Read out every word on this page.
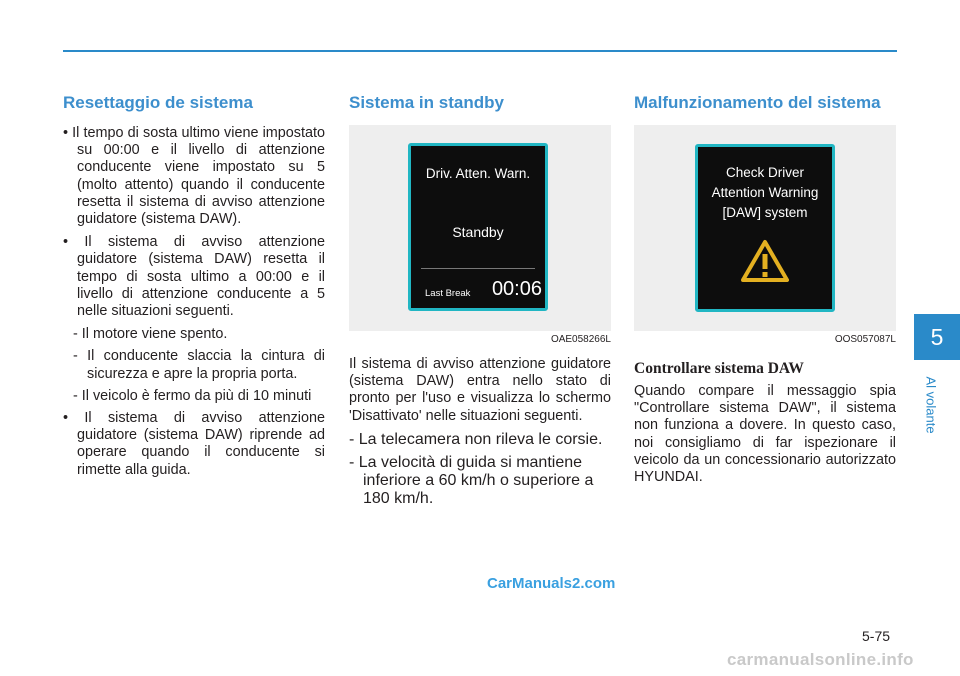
Resettaggio de sistema
• Il tempo di sosta ultimo viene impostato su 00:00 e il livello di attenzione conducente viene impostato su 5 (molto attento) quando il conducente resetta il sistema di avviso attenzione guidatore (sistema DAW).
• Il sistema di avviso attenzione guidatore (sistema DAW) resetta il tempo di sosta ultimo a 00:00 e il livello di attenzione conducente a 5 nelle situazioni seguenti.
- Il motore viene spento.
- Il conducente slaccia la cintura di sicurezza e apre la propria porta.
- Il veicolo è fermo da più di 10 minuti
• Il sistema di avviso attenzione guidatore (sistema DAW) riprende ad operare quando il conducente si rimette alla guida.
Sistema in standby
Driv. Atten. Warn.
Standby
Last Break 00:06
OAE058266L

Il sistema di avviso attenzione guidatore (sistema DAW) entra nello stato di pronto per l'uso e visualizza lo schermo 'Disattivato' nelle situazioni seguenti.

- La telecamera non rileva le corsie.
- La velocità di guida si mantiene inferiore a 60 km/h o superiore a 180 km/h.
Malfunzionamento del sistema
Check Driver
Attention Warning
[DAW] system
OOS057087L
Controllare sistema DAW

Quando compare il messaggio spia "Controllare sistema DAW", il sistema non funziona a dovere. In questo caso, noi consigliamo di far ispezionare il veicolo da un concessionario autorizzato HYUNDAI.

5
Al volante
CarManuals2.com
5-75
carmanualsonline.info
